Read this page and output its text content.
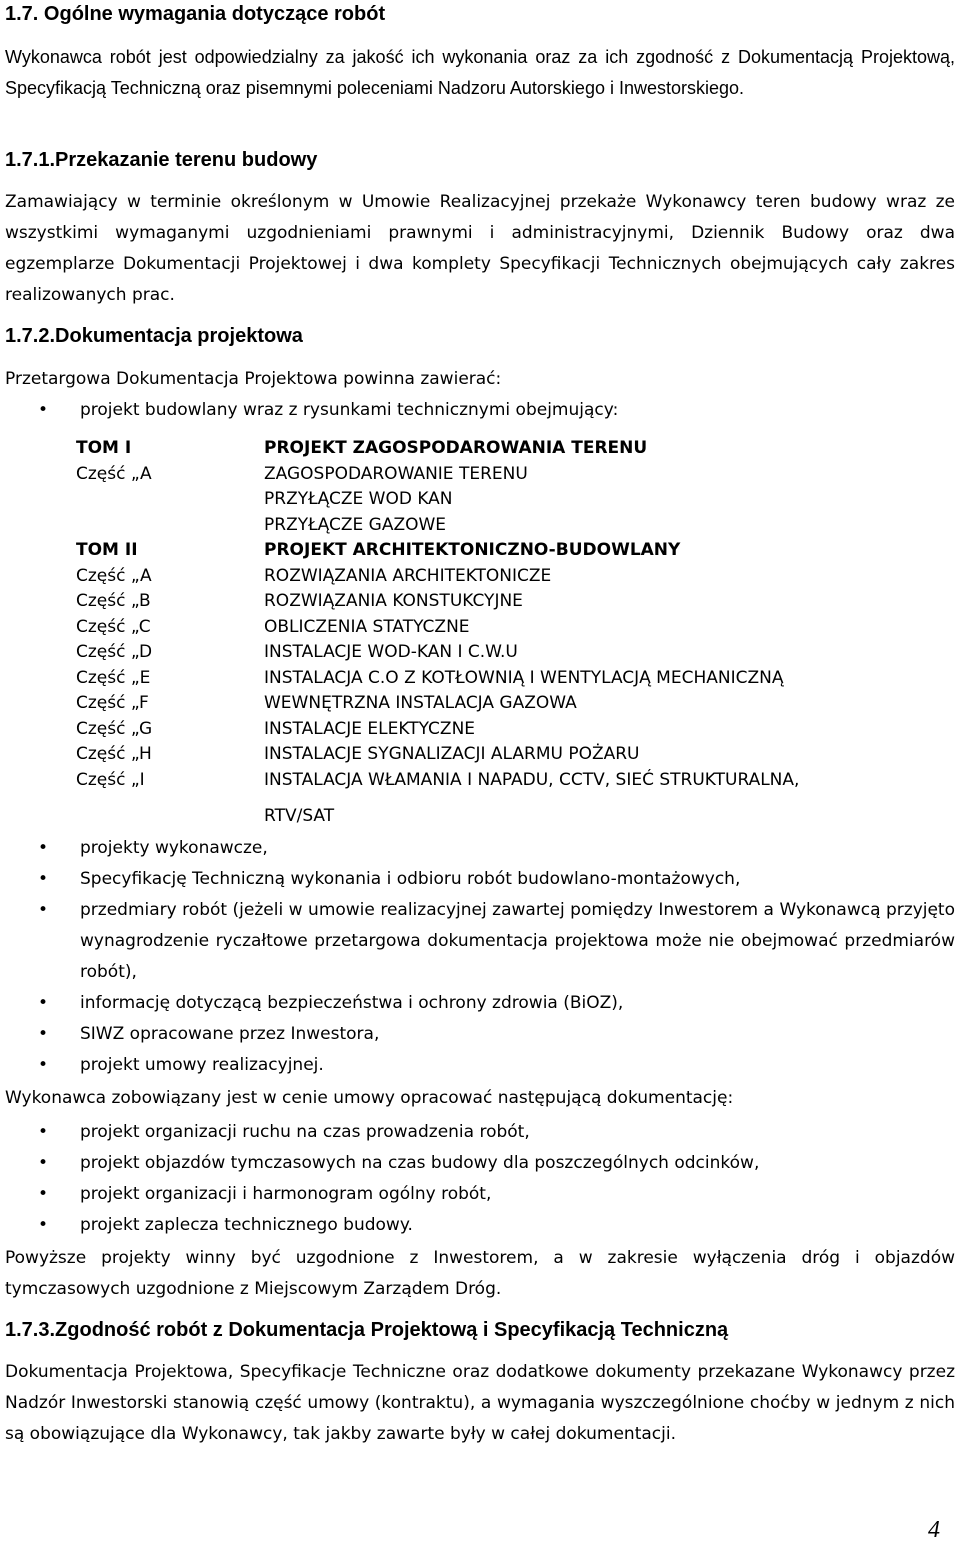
1.7. Ogólne wymagania dotyczące robót

Wykonawca robót jest odpowiedzialny za jakość ich wykonania oraz za ich zgodność z Dokumentacją Projektową, Specyfikacją Techniczną oraz pisemnymi poleceniami Nadzoru Autorskiego i Inwestorskiego.

1.7.1.Przekazanie terenu budowy

Zamawiający w terminie określonym w Umowie Realizacyjnej przekaże Wykonawcy teren budowy wraz ze wszystkimi wymaganymi uzgodnieniami prawnymi i administracyjnymi, Dziennik Budowy oraz dwa egzemplarze Dokumentacji Projektowej i dwa komplety Specyfikacji Technicznych obejmujących cały zakres realizowanych prac.

1.7.2.Dokumentacja projektowa

Przetargowa Dokumentacja Projektowa powinna zawierać:

• projekt budowlany wraz z rysunkami technicznymi obejmujący:
TOM I	PROJEKT ZAGOSPODAROWANIA TERENU
Część „A	ZAGOSPODAROWANIE TERENU
PRZYŁĄCZE WOD KAN
PRZYŁĄCZE GAZOWE
TOM II	PROJEKT ARCHITEKTONICZNO-BUDOWLANY
Część „A	ROZWIĄZANIA ARCHITEKTONICZE
Część „B	ROZWIĄZANIA KONSTUKCYJNE
Część „C	OBLICZENIA STATYCZNE
Część „D	INSTALACJE WOD-KAN I C.W.U
Część „E	INSTALACJA C.O Z KOTŁOWNIĄ I WENTYLACJĄ MECHANICZNĄ
Część „F	WEWNĘTRZNA INSTALACJA GAZOWA
Część „G	INSTALACJE ELEKTYCZNE
Część „H	INSTALACJE SYGNALIZACJI ALARMU POŻARU
Część „I	INSTALACJA WŁAMANIA I NAPADU, CCTV, SIEĆ STRUKTURALNA,
RTV/SAT
• projekty wykonawcze,
• Specyfikację Techniczną wykonania i odbioru robót budowlano-montażowych,
• przedmiary robót (jeżeli w umowie realizacyjnej zawartej pomiędzy Inwestorem a Wykonawcą przyjęto wynagrodzenie ryczałtowe przetargowa dokumentacja projektowa może nie obejmować przedmiarów robót),
• informację dotyczącą bezpieczeństwa i ochrony zdrowia (BiOZ),
• SIWZ opracowane przez Inwestora,
• projekt umowy realizacyjnej.

Wykonawca zobowiązany jest w cenie umowy opracować następującą dokumentację:

• projekt organizacji ruchu na czas prowadzenia robót,
• projekt objazdów tymczasowych na czas budowy dla poszczególnych odcinków,
• projekt organizacji i harmonogram ogólny robót,
• projekt zaplecza technicznego budowy.

Powyższe projekty winny być uzgodnione z Inwestorem, a w zakresie wyłączenia dróg i objazdów tymczasowych uzgodnione z Miejscowym Zarządem Dróg.

1.7.3.Zgodność robót z Dokumentacja Projektową i Specyfikacją Techniczną

Dokumentacja Projektowa, Specyfikacje Techniczne oraz dodatkowe dokumenty przekazane Wykonawcy przez Nadzór Inwestorski stanowią część umowy (kontraktu), a wymagania wyszczególnione choćby w jednym z nich są obowiązujące dla Wykonawcy, tak jakby zawarte były w całej dokumentacji.

4
